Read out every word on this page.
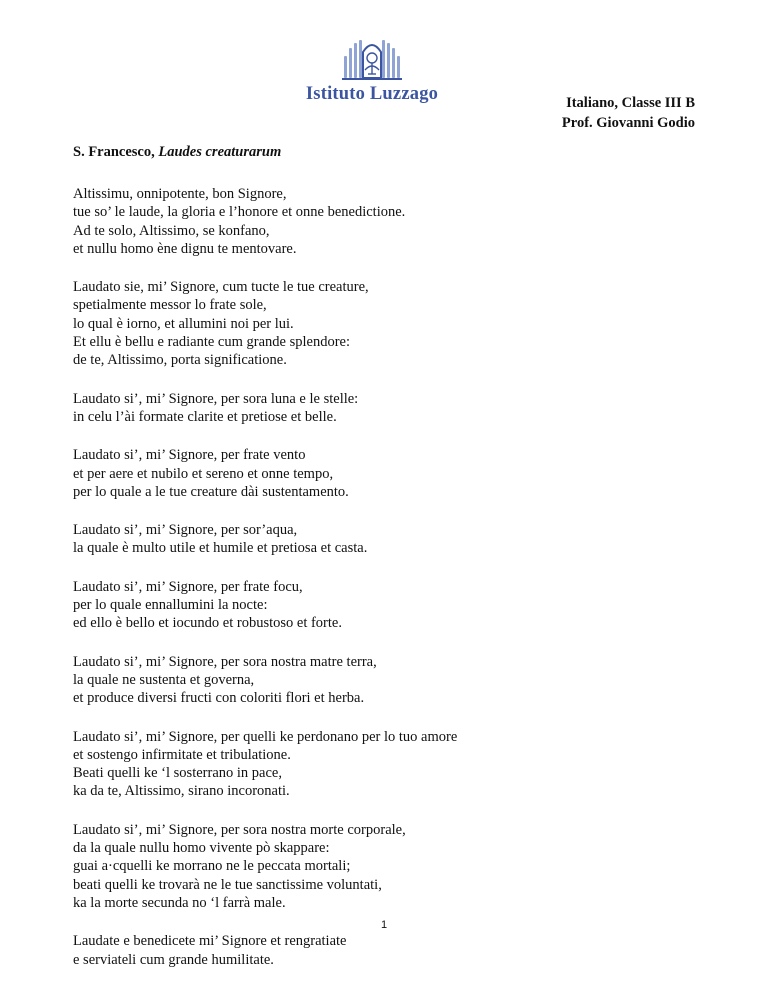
Istituto Luzzago	Italiano, Classe III B
Prof. Giovanni Godio
S. Francesco, Laudes creaturarum
Altissimu, onnipotente, bon Signore,
tue so’ le laude, la gloria e l’honore et onne benedictione.
Ad te solo, Altissimo, se konfano,
et nullu homo ène dignu te mentovare.
Laudato sie, mi’ Signore, cum tucte le tue creature,
spetialmente messor lo frate sole,
lo qual è iorno, et allumini noi per lui.
Et ellu è bellu e radiante cum grande splendore:
de te, Altissimo, porta significatione.
Laudato si’, mi’ Signore, per sora luna e le stelle:
in celu l’ài formate clarite et pretiose et belle.
Laudato si’, mi’ Signore, per frate vento
et per aere et nubilo et sereno et onne tempo,
per lo quale a le tue creature dài sustentamento.
Laudato si’, mi’ Signore, per sor’aqua,
la quale è multo utile et humile et pretiosa et casta.
Laudato si’, mi’ Signore, per frate focu,
per lo quale ennallumini la nocte:
ed ello è bello et iocundo et robustoso et forte.
Laudato si’, mi’ Signore, per sora nostra matre terra,
la quale ne sustenta et governa,
et produce diversi fructi con coloriti flori et herba.
Laudato si’, mi’ Signore, per quelli ke perdonano per lo tuo amore
et sostengo infirmitate et tribulatione.
Beati quelli ke ‘l sosterrano in pace,
ka da te, Altissimo, sirano incoronati.
Laudato si’, mi’ Signore, per sora nostra morte corporale,
da la quale nullu homo vivente pò skappare:
guai a·cquelli ke morrano ne le peccata mortali;
beati quelli ke trovarà ne le tue sanctissime voluntati,
ka la morte secunda no ‘l farrà male.
Laudate e benedicete mi’ Signore et rengratiate
e serviateli cum grande humilitate.
1
